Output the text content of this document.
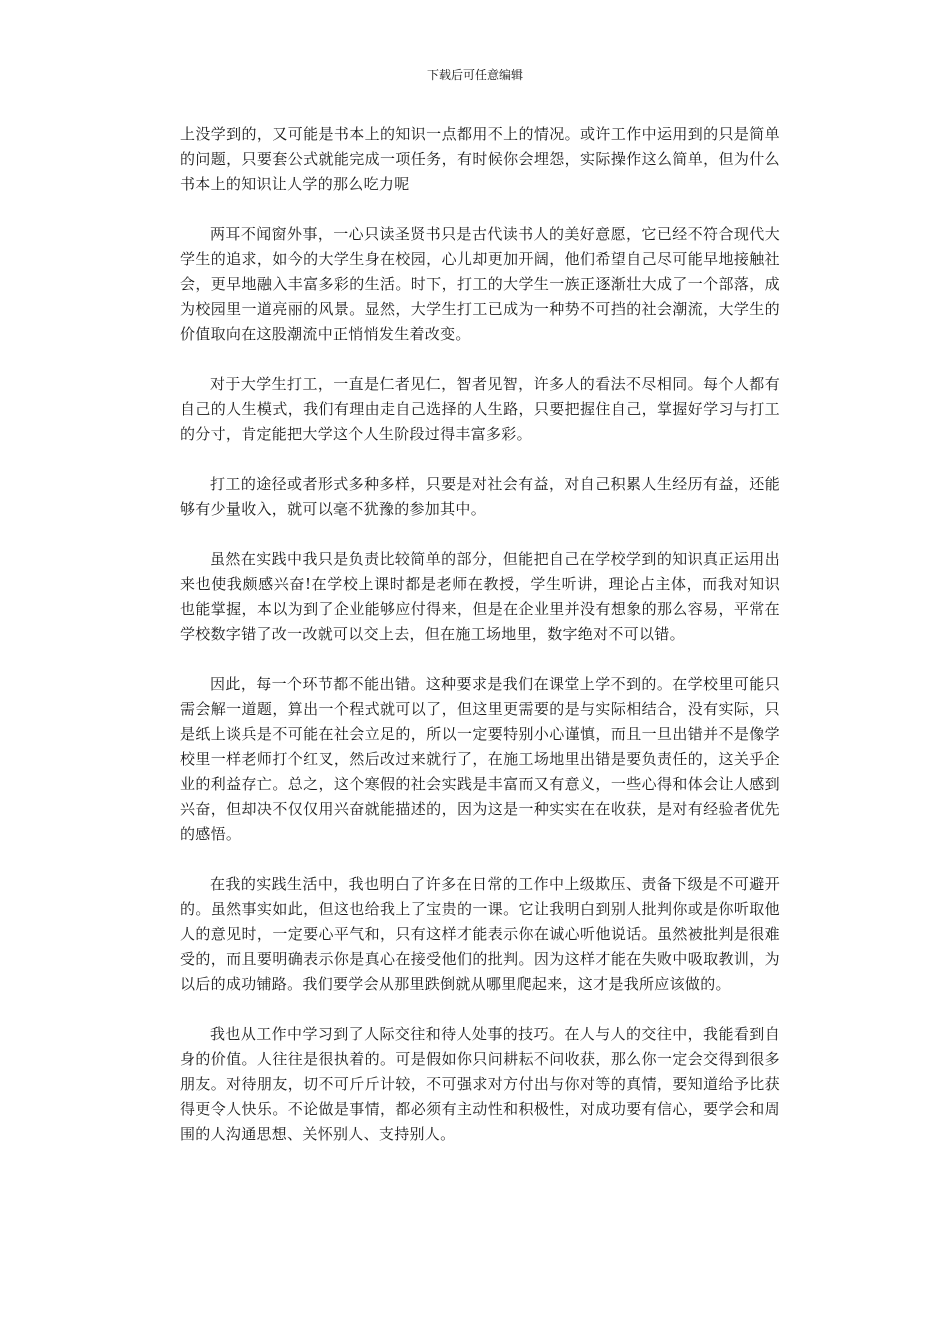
下载后可任意编辑

上没学到的，又可能是书本上的知识一点都用不上的情况。或许工作中运用到的只是简单的问题，只要套公式就能完成一项任务，有时候你会埋怨，实际操作这么简单，但为什么书本上的知识让人学的那么吃力呢

两耳不闻窗外事，一心只读圣贤书只是古代读书人的美好意愿，它已经不符合现代大学生的追求，如今的大学生身在校园，心儿却更加开阔，他们希望自己尽可能早地接触社会，更早地融入丰富多彩的生活。时下，打工的大学生一族正逐渐壮大成了一个部落，成为校园里一道亮丽的风景。显然，大学生打工已成为一种势不可挡的社会潮流，大学生的价值取向在这股潮流中正悄悄发生着改变。

对于大学生打工，一直是仁者见仁，智者见智，许多人的看法不尽相同。每个人都有自己的人生模式，我们有理由走自己选择的人生路，只要把握住自己，掌握好学习与打工的分寸，肯定能把大学这个人生阶段过得丰富多彩。

打工的途径或者形式多种多样，只要是对社会有益，对自己积累人生经历有益，还能够有少量收入，就可以毫不犹豫的参加其中。

虽然在实践中我只是负责比较简单的部分，但能把自己在学校学到的知识真正运用出来也使我颇感兴奋!在学校上课时都是老师在教授，学生听讲，理论占主体，而我对知识也能掌握，本以为到了企业能够应付得来，但是在企业里并没有想象的那么容易，平常在学校数字错了改一改就可以交上去，但在施工场地里，数字绝对不可以错。

因此，每一个环节都不能出错。这种要求是我们在课堂上学不到的。在学校里可能只需会解一道题，算出一个程式就可以了，但这里更需要的是与实际相结合，没有实际，只是纸上谈兵是不可能在社会立足的，所以一定要特别小心谨慎，而且一旦出错并不是像学校里一样老师打个红叉，然后改过来就行了，在施工场地里出错是要负责任的，这关乎企业的利益存亡。总之，这个寒假的社会实践是丰富而又有意义，一些心得和体会让人感到兴奋，但却决不仅仅用兴奋就能描述的，因为这是一种实实在在收获，是对有经验者优先的感悟。

在我的实践生活中，我也明白了许多在日常的工作中上级欺压、责备下级是不可避开的。虽然事实如此，但这也给我上了宝贵的一课。它让我明白到别人批判你或是你听取他人的意见时，一定要心平气和，只有这样才能表示你在诚心听他说话。虽然被批判是很难受的，而且要明确表示你是真心在接受他们的批判。因为这样才能在失败中吸取教训，为以后的成功铺路。我们要学会从那里跌倒就从哪里爬起来，这才是我所应该做的。

我也从工作中学习到了人际交往和待人处事的技巧。在人与人的交往中，我能看到自身的价值。人往往是很执着的。可是假如你只问耕耘不问收获，那么你一定会交得到很多朋友。对待朋友，切不可斤斤计较，不可强求对方付出与你对等的真情，要知道给予比获得更令人快乐。不论做是事情，都必须有主动性和积极性，对成功要有信心，要学会和周围的人沟通思想、关怀别人、支持别人。
